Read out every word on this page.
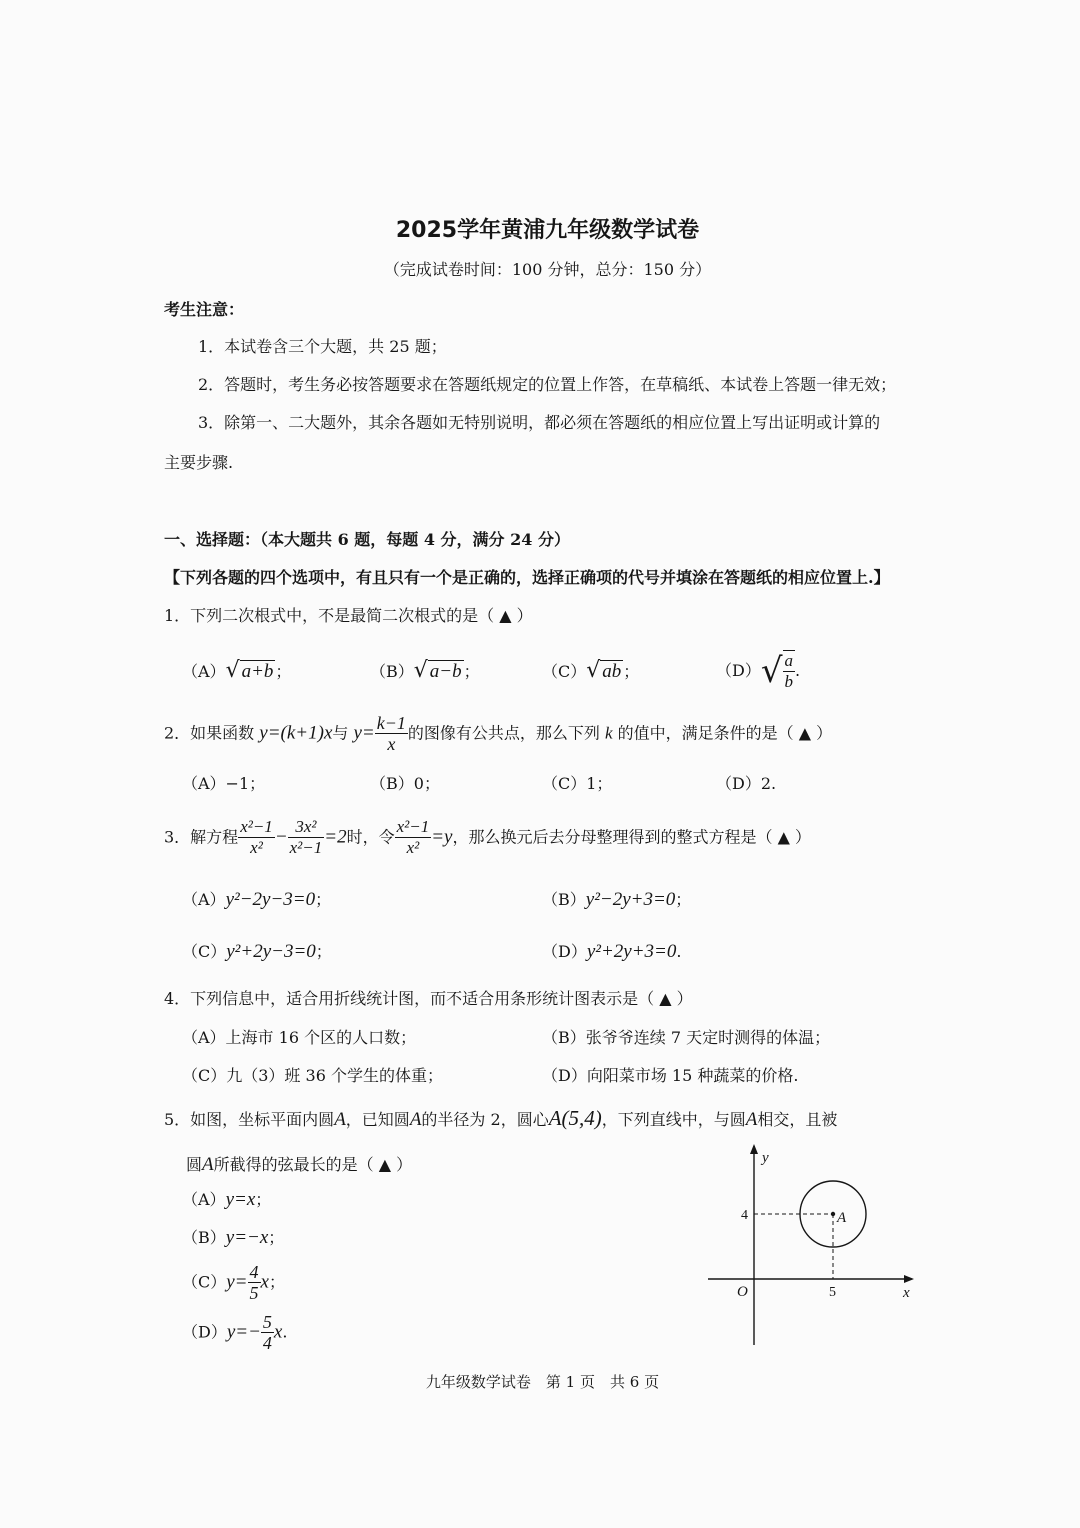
2025学年黄浦九年级数学试卷
（完成试卷时间：100 分钟，总分：150 分）
考生注意：
1．本试卷含三个大题，共 25 题；
2．答题时，考生务必按答题要求在答题纸规定的位置上作答，在草稿纸、本试卷上答题一律无效；
3．除第一、二大题外，其余各题如无特别说明，都必须在答题纸的相应位置上写出证明或计算的
主要步骤.
一、选择题：（本大题共 6 题，每题 4 分，满分 24 分）
【下列各题的四个选项中，有且只有一个是正确的，选择正确项的代号并填涂在答题纸的相应位置上.】
1．下列二次根式中，不是最简二次根式的是（ ▲ ）
（A）√ a+b ；	（B）√ a−b ；	（C）√ ab ；	$(D)√ \frac{a}{b}$ .
2．如果函数 y=(k+1)x与 $y= \frac{k-1}{x}$ 的图像有公共点，那么下列 k 的值中，满足条件的是（ ▲ ）
（A）−1；	（B）0；	（C）1；	（D）2.
3．解方程 $\frac{\text{x²−1}}{\text{x²}} - \frac{\text{3x²}}{\text{x²−1}} =2$时，令 $\frac{\text{x²−1}}{\text{x²}} =y$，那么换元后去分母整理得到的整式方程是（ ▲ ）
（A）y²−2y−3=0；	（B）y²−2y+3=0；
（C）y²+2y−3=0；	（D）y²+2y+3=0.
4．下列信息中，适合用折线统计图，而不适合用条形统计图表示是（ ▲ ）
（A）上海市 16 个区的人口数；	（B）张爷爷连续 7 天定时测得的体温；
（C）九（3）班 36 个学生的体重；	（D）向阳菜市场 15 种蔬菜的价格.
5．如图，坐标平面内圆A，已知圆A的半径为 2，圆心A(5,4)，下列直线中，与圆A相交，且被
圆A所截得的弦最长的是（ ▲ ）
（A）y=x；
（B）y=−x；
$(C)y= \frac{4}{5}$ x；
$(D)y=- \frac{5}{4} x$.
y
x
O	5
4	A
九年级数学试卷　第 1 页　共 6 页
